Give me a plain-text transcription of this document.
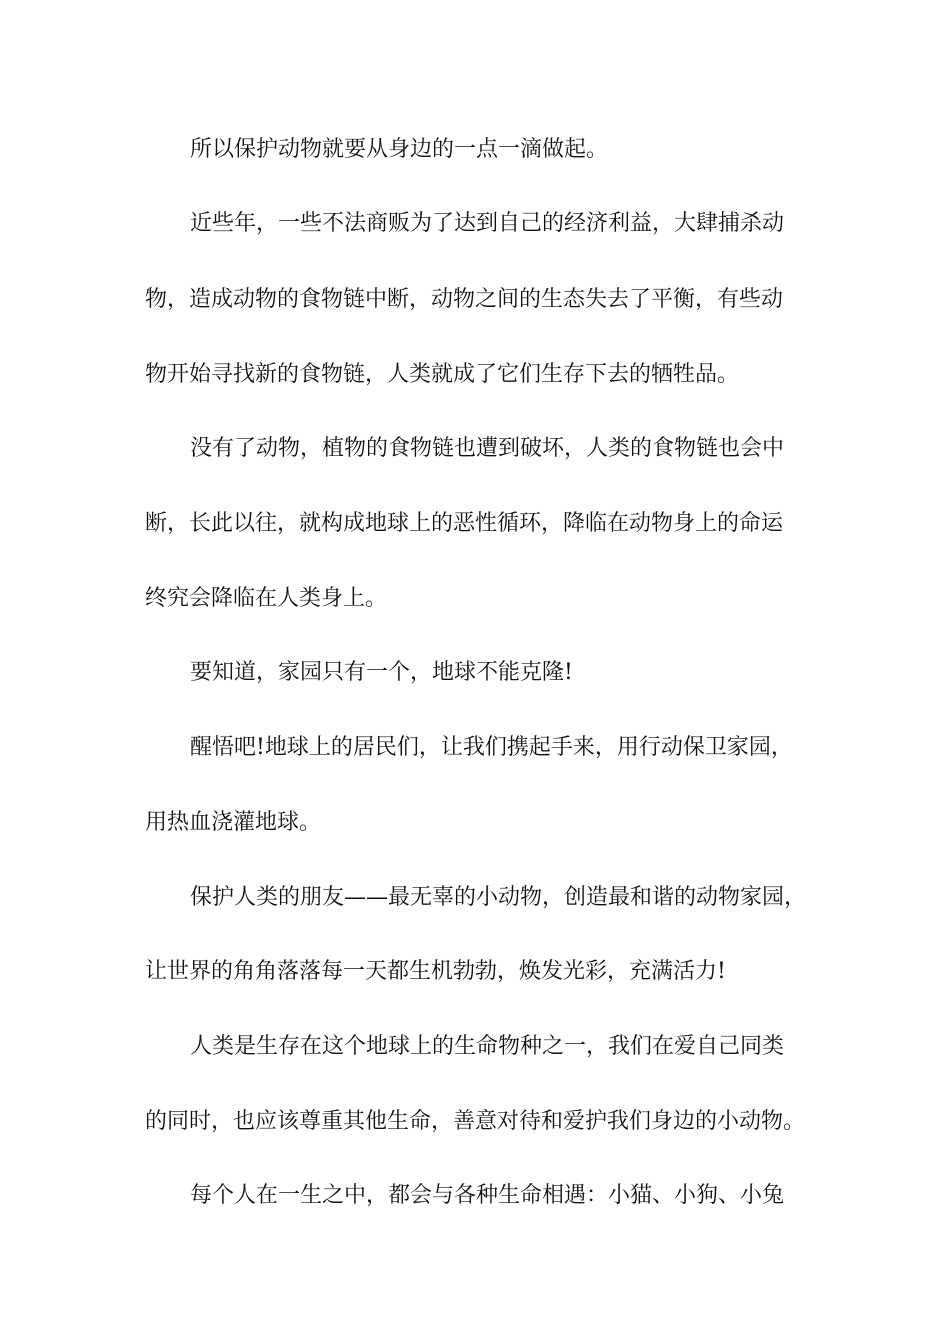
所以保护动物就要从身边的一点一滴做起。
近些年，一些不法商贩为了达到自己的经济利益，大肆捕杀动
物，造成动物的食物链中断，动物之间的生态失去了平衡，有些动
物开始寻找新的食物链，人类就成了它们生存下去的牺牲品。
没有了动物，植物的食物链也遭到破坏，人类的食物链也会中
断，长此以往，就构成地球上的恶性循环，降临在动物身上的命运
终究会降临在人类身上。
要知道，家园只有一个，地球不能克隆!
醒悟吧!地球上的居民们，让我们携起手来，用行动保卫家园，
用热血浇灌地球。
保护人类的朋友——最无辜的小动物，创造最和谐的动物家园，
让世界的角角落落每一天都生机勃勃，焕发光彩，充满活力!
人类是生存在这个地球上的生命物种之一，我们在爱自己同类
的同时，也应该尊重其他生命，善意对待和爱护我们身边的小动物。
每个人在一生之中，都会与各种生命相遇：小猫、小狗、小兔
